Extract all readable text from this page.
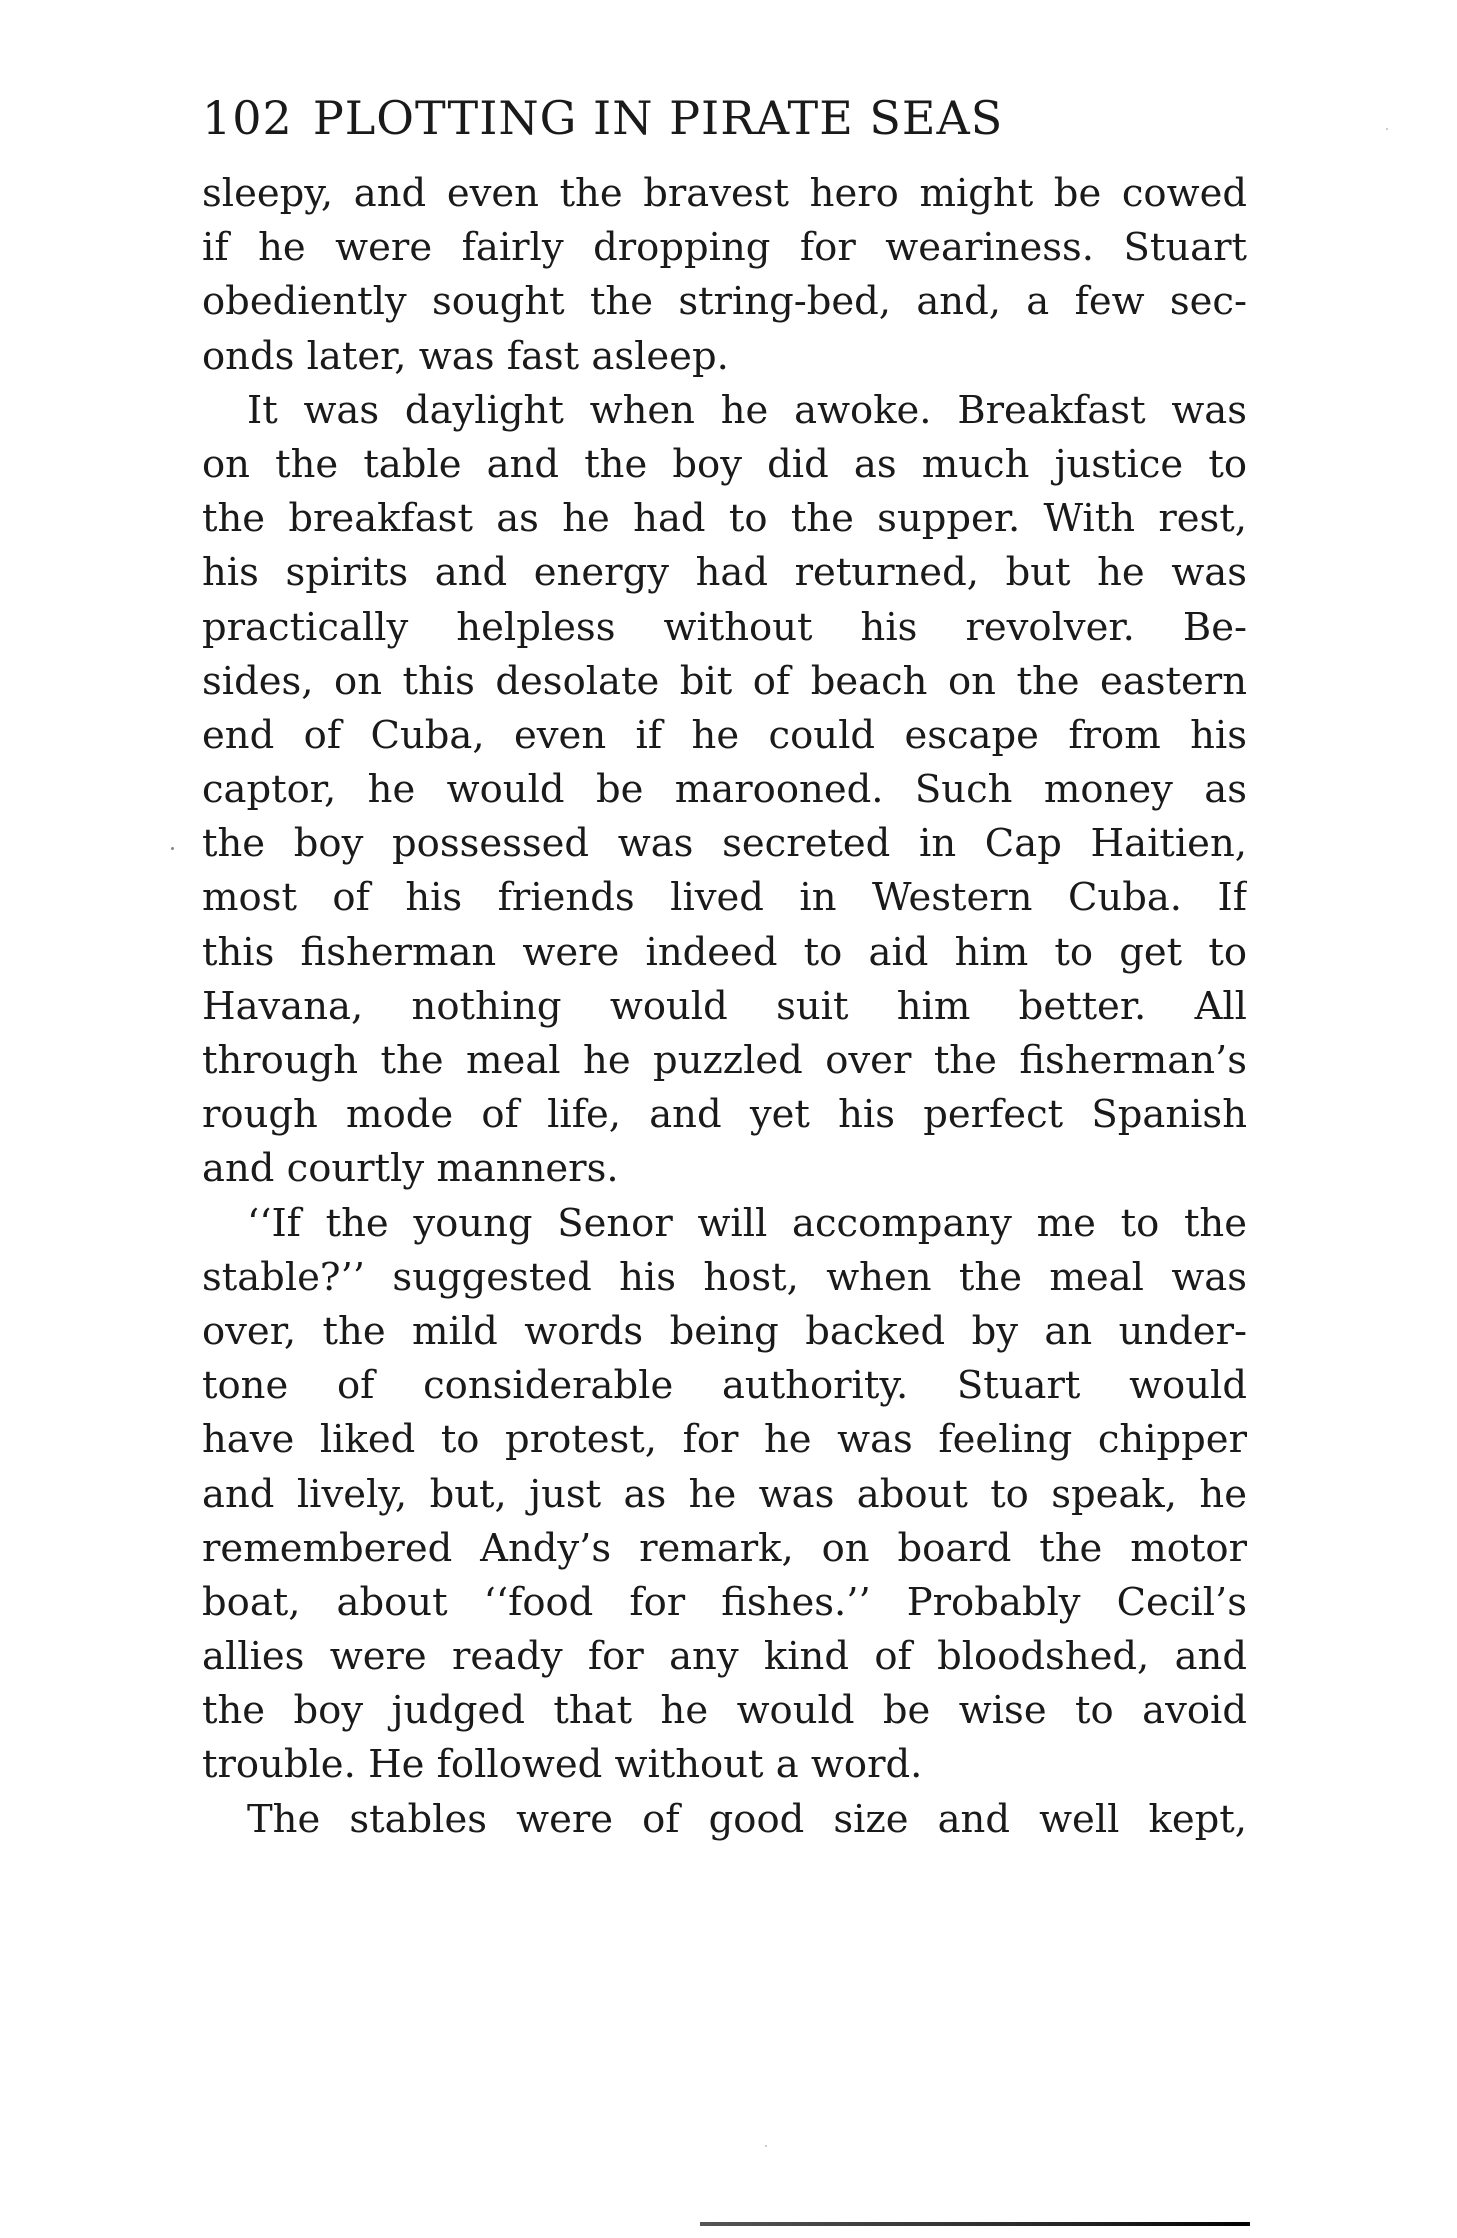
102 PLOTTING IN PIRATE SEAS
sleepy, and even the bravest hero might be cowed
if he were fairly dropping for weariness. Stuart
obediently sought the string-bed, and, a few sec-
onds later, was fast asleep.
It was daylight when he awoke. Breakfast was
on the table and the boy did as much justice to
the breakfast as he had to the supper. With rest,
his spirits and energy had returned, but he was
practically helpless without his revolver. Be-
sides, on this desolate bit of beach on the eastern
end of Cuba, even if he could escape from his
captor, he would be marooned. Such money as
the boy possessed was secreted in Cap Haitien,
most of his friends lived in Western Cuba. If
this fisherman were indeed to aid him to get to
Havana, nothing would suit him better. All
through the meal he puzzled over the fisherman’s
rough mode of life, and yet his perfect Spanish
and courtly manners.
‘‘If the young Senor will accompany me to the
stable?’’ suggested his host, when the meal was
over, the mild words being backed by an under-
tone of considerable authority. Stuart would
have liked to protest, for he was feeling chipper
and lively, but, just as he was about to speak, he
remembered Andy’s remark, on board the motor
boat, about ‘‘food for fishes.’’ Probably Cecil’s
allies were ready for any kind of bloodshed, and
the boy judged that he would be wise to avoid
trouble. He followed without a word.
The stables were of good size and well kept,
